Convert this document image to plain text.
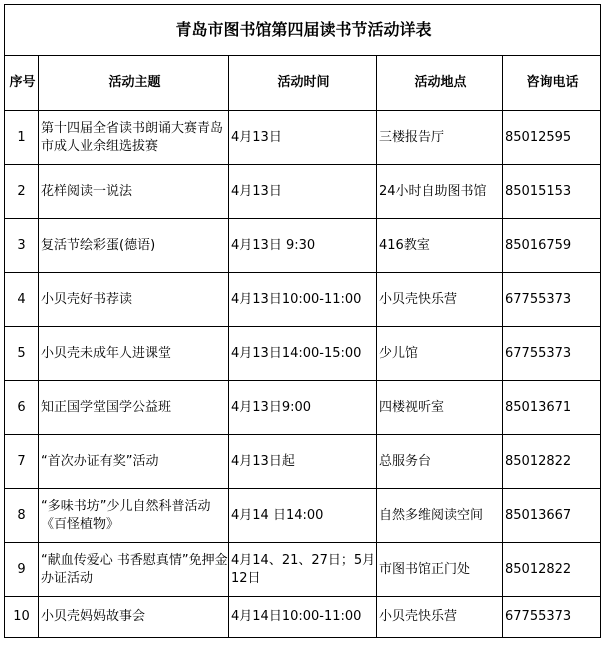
青岛市图书馆第四届读书节活动详表				
序号	活动主题	活动时间	活动地点	咨询电话
1	第十四届全省读书朗诵大赛青岛市成人业余组选拔赛	4月13日	三楼报告厅	85012595
2	花样阅读一说法	4月13日	24小时自助图书馆	85015153
3	复活节绘彩蛋(德语)	4月13日 9:30	416教室	85016759
4	小贝壳好书荐读	4月13日10:00-11:00	小贝壳快乐营	67755373
5	小贝壳未成年人进课堂	4月13日14:00-15:00	少儿馆	67755373
6	知正国学堂国学公益班	4月13日9:00	四楼视听室	85013671
7	“首次办证有奖”活动	4月13日起	总服务台	85012822
8	“多味书坊”少儿自然科普活动《百怪植物》	4月14 日14:00	自然多维阅读空间	85013667
9	“献血传爱心 书香慰真情”免押金办证活动	4月14、21、27日；5月12日	市图书馆正门处	85012822
10	小贝壳妈妈故事会	4月14日10:00-11:00	小贝壳快乐营	67755373
